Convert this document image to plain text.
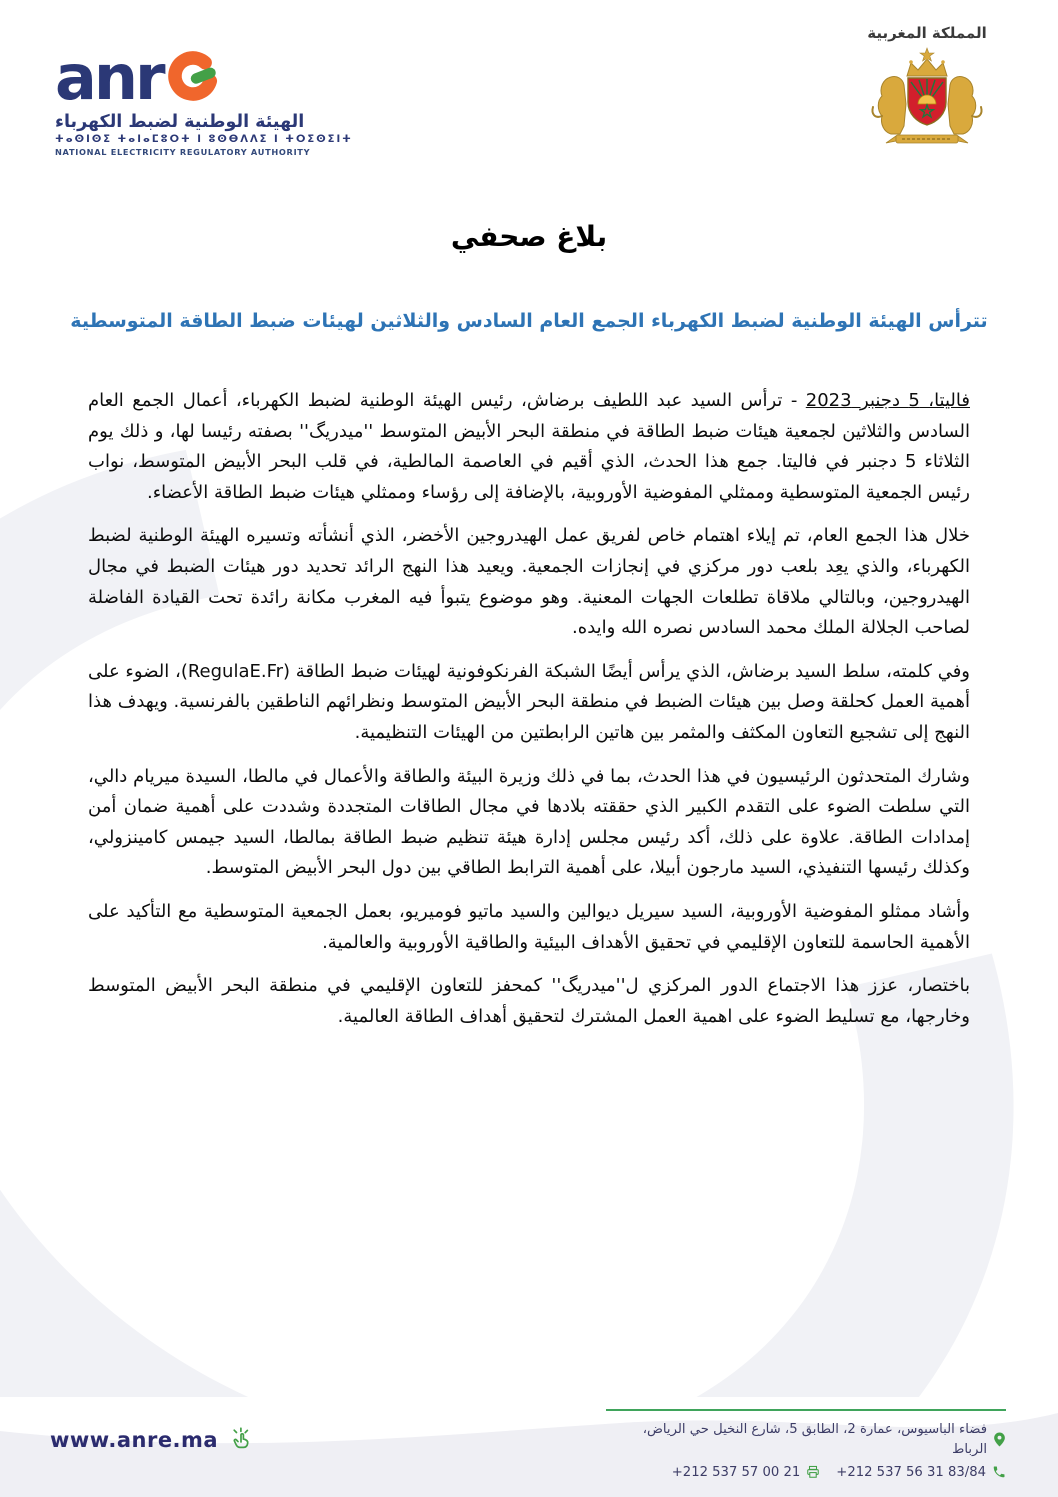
anr
الهيئة الوطنية لضبط الكهرباء
ⵜⴰⵙⵏⵙⵉ ⵜⴰⵏⴰⵎⵓⵔⵜ ⵏ ⵓⵙⴱⴷⴷⵉ ⵏ ⵜⵔⵉⵙⵉⵏⵜ
NATIONAL ELECTRICITY REGULATORY AUTHORITY
المملكة المغربية
بلاغ صحفي
تترأس الهيئة الوطنية لضبط الكهرباء الجمع العام السادس والثلاثين لهيئات ضبط الطاقة المتوسطية

فاليتا، 5 دجنبر 2023 - ترأس السيد عبد اللطيف برضاش، رئيس الهيئة الوطنية لضبط الكهرباء، أعمال الجمع العام السادس والثلاثين لجمعية هيئات ضبط الطاقة في منطقة البحر الأبيض المتوسط ''ميدريگ'' بصفته رئيسا لها، و ذلك يوم الثلاثاء 5 دجنبر في فاليتا. جمع هذا الحدث، الذي أقيم في العاصمة المالطية، في قلب البحر الأبيض المتوسط، نواب رئيس الجمعية المتوسطية وممثلي المفوضية الأوروبية، بالإضافة إلى رؤساء وممثلي هيئات ضبط الطاقة الأعضاء.

خلال هذا الجمع العام، تم إيلاء اهتمام خاص لفريق عمل الهيدروجين الأخضر، الذي أنشأته وتسيره الهيئة الوطنية لضبط الكهرباء، والذي يعِد بلعب دور مركزي في إنجازات الجمعية. ويعيد هذا النهج الرائد تحديد دور هيئات الضبط في مجال الهيدروجين، وبالتالي ملاقاة تطلعات الجهات المعنية. وهو موضوع يتبوأ فيه المغرب مكانة رائدة تحت القيادة الفاضلة لصاحب الجلالة الملك محمد السادس نصره الله وايده.

وفي كلمته، سلط السيد برضاش، الذي يرأس أيضًا الشبكة الفرنكوفونية لهيئات ضبط الطاقة (RegulaE.Fr)، الضوء على أهمية العمل كحلقة وصل بين هيئات الضبط في منطقة البحر الأبيض المتوسط ونظرائهم الناطقين بالفرنسية. ويهدف هذا النهج إلى تشجيع التعاون المكثف والمثمر بين هاتين الرابطتين من الهيئات التنظيمية.

وشارك المتحدثون الرئيسيون في هذا الحدث، بما في ذلك وزيرة البيئة والطاقة والأعمال في مالطا، السيدة ميريام دالي، التي سلطت الضوء على التقدم الكبير الذي حققته بلادها في مجال الطاقات المتجددة وشددت على أهمية ضمان أمن إمدادات الطاقة. علاوة على ذلك، أكد رئيس مجلس إدارة هيئة تنظيم ضبط الطاقة بمالطا، السيد جيمس كامينزولي، وكذلك رئيسها التنفيذي، السيد مارجون أبيلا، على أهمية الترابط الطاقي بين دول البحر الأبيض المتوسط.

وأشاد ممثلو المفوضية الأوروبية، السيد سيريل ديوالين والسيد ماتيو فوميريو، بعمل الجمعية المتوسطية مع التأكيد على الأهمية الحاسمة للتعاون الإقليمي في تحقيق الأهداف البيئية والطاقية الأوروبية والعالمية.

باختصار، عزز هذا الاجتماع الدور المركزي ل''ميدريگ'' كمحفز للتعاون الإقليمي في منطقة البحر الأبيض المتوسط وخارجها، مع تسليط الضوء على اهمية العمل المشترك لتحقيق أهداف الطاقة العالمية.

www.anre.ma	فضاء الباسيوس، عمارة 2، الطابق 5، شارع النخيل حي الرياض، الرباط
+212 537 56 31 83/84
+212 537 57 00 21
